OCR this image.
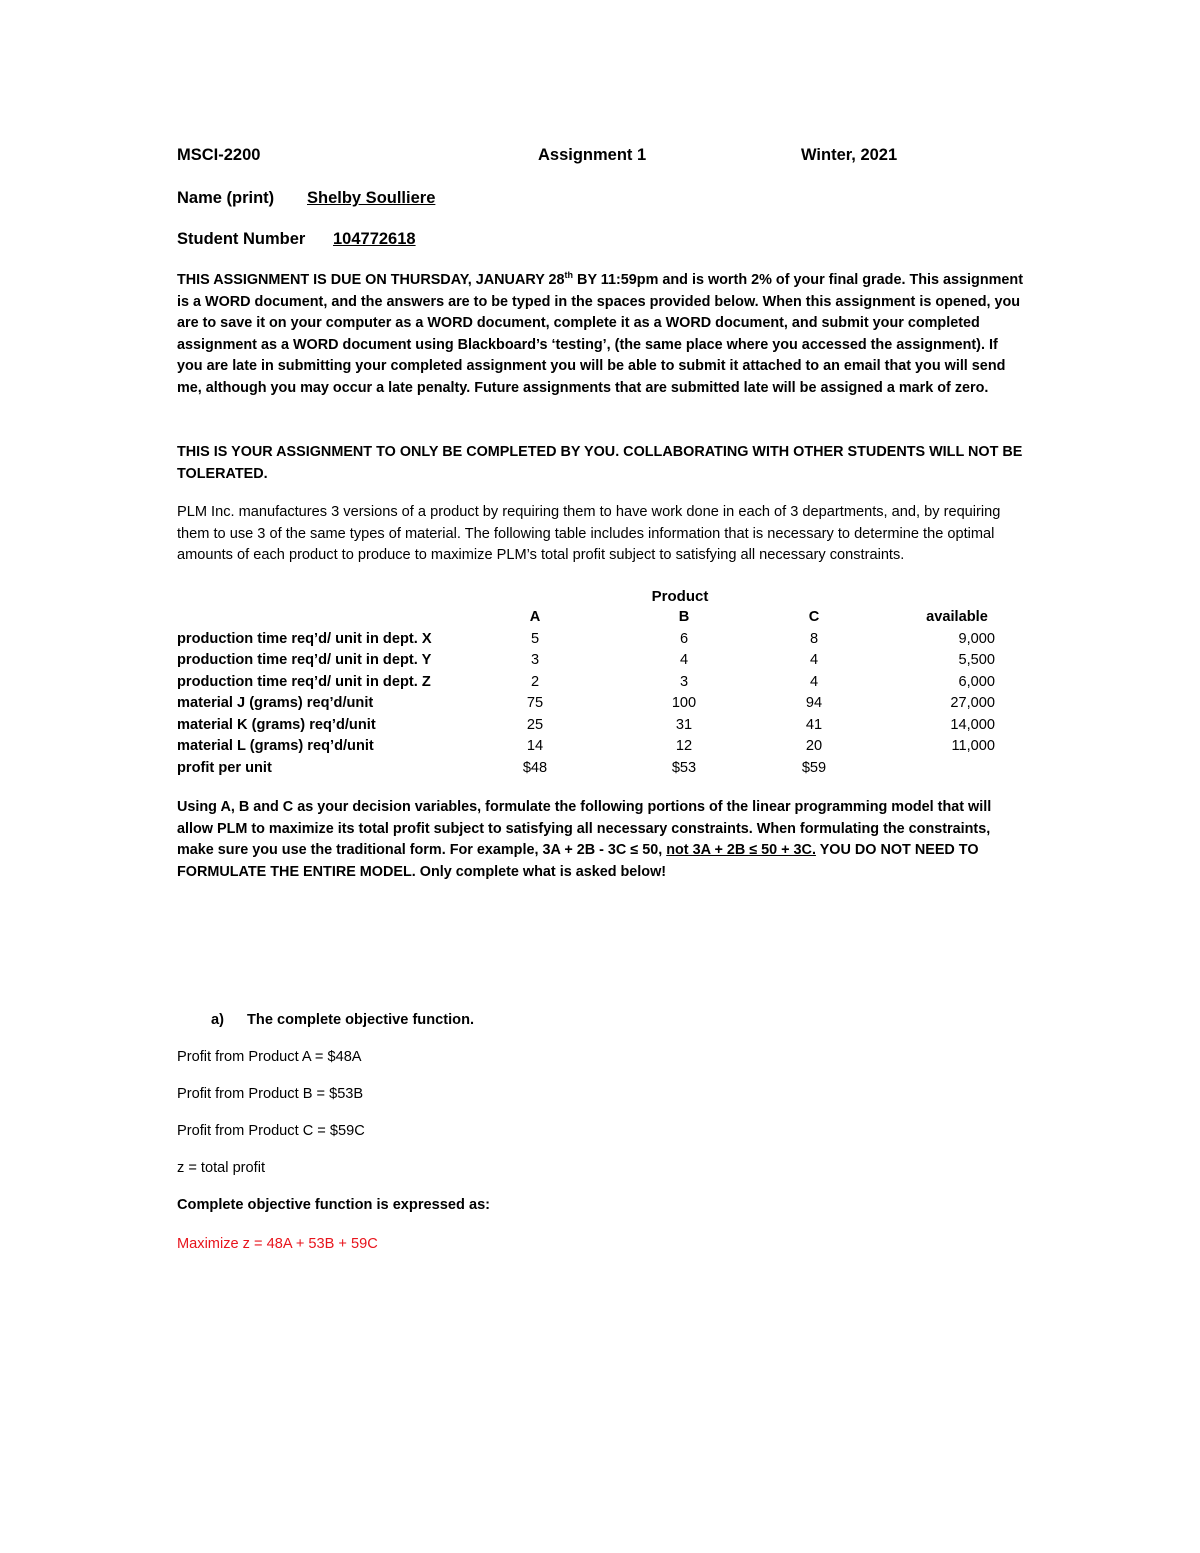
MSCI-2200	Assignment 1	Winter, 2021
Name (print) Shelby Soulliere
Student Number 104772618

THIS ASSIGNMENT IS DUE ON THURSDAY, JANUARY 28th BY 11:59pm and is worth 2% of your final grade. This assignment is a WORD document, and the answers are to be typed in the spaces provided below. When this assignment is opened, you are to save it on your computer as a WORD document, complete it as a WORD document, and submit your completed assignment as a WORD document using Blackboard’s ‘testing’, (the same place where you accessed the assignment). If you are late in submitting your completed assignment you will be able to submit it attached to an email that you will send me, although you may occur a late penalty. Future assignments that are submitted late will be assigned a mark of zero.

THIS IS YOUR ASSIGNMENT TO ONLY BE COMPLETED BY YOU. COLLABORATING WITH OTHER STUDENTS WILL NOT BE TOLERATED.

PLM Inc. manufactures 3 versions of a product by requiring them to have work done in each of 3 departments, and, by requiring them to use 3 of the same types of material. The following table includes information that is necessary to determine the optimal amounts of each product to produce to maximize PLM’s total profit subject to satisfying all necessary constraints.

Product
A	B	C	available
production time req’d/ unit in dept. X	5	6	8	9,000
production time req’d/ unit in dept. Y	3	4	4	5,500
production time req’d/ unit in dept. Z	2	3	4	6,000
material J (grams) req’d/unit	75	100	94	27,000
material K (grams) req’d/unit	25	31	41	14,000
material L (grams) req’d/unit	14	12	20	11,000
profit per unit	$48	$53	$59

Using A, B and C as your decision variables, formulate the following portions of the linear programming model that will allow PLM to maximize its total profit subject to satisfying all necessary constraints. When formulating the constraints, make sure you use the traditional form. For example, 3A + 2B - 3C ≤ 50, not 3A + 2B ≤ 50 + 3C. YOU DO NOT NEED TO FORMULATE THE ENTIRE MODEL. Only complete what is asked below!

a) The complete objective function.
Profit from Product A = $48A
Profit from Product B = $53B
Profit from Product C = $59C
z = total profit
Complete objective function is expressed as:
Maximize z = 48A + 53B + 59C
